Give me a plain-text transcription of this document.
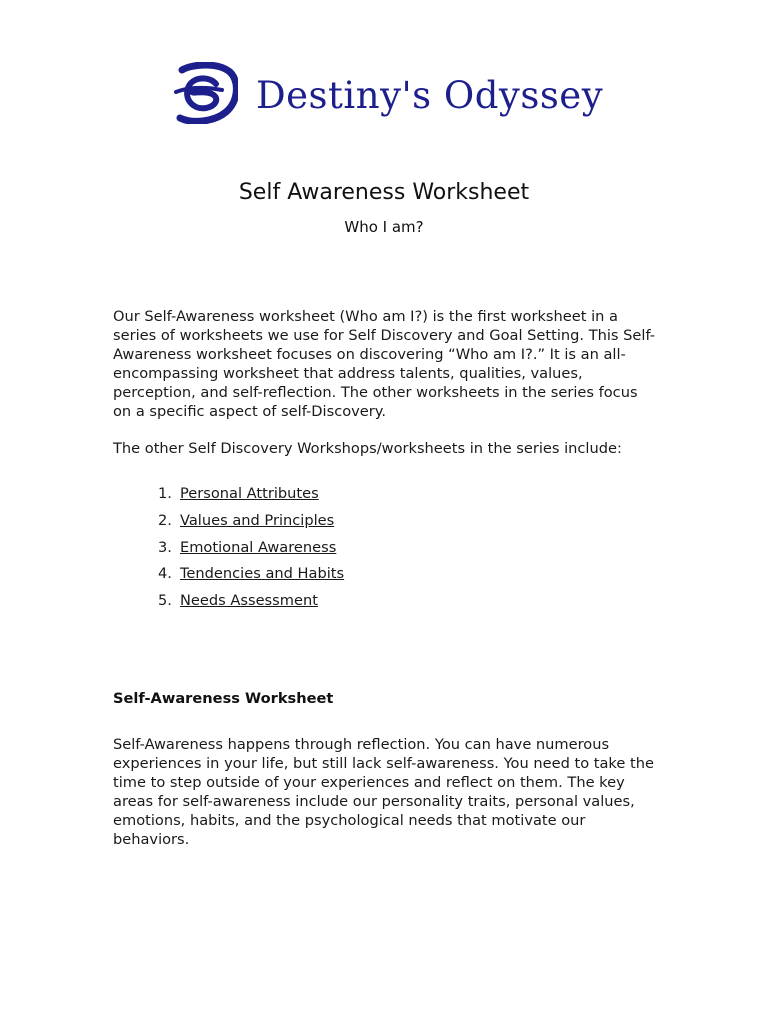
Destiny's Odyssey
Self Awareness Worksheet
Who I am?
Our Self-Awareness worksheet (Who am I?) is the first worksheet in a series of worksheets we use for Self Discovery and Goal Setting. This Self-Awareness worksheet focuses on discovering “Who am I?.” It is an all-encompassing worksheet that address talents, qualities, values, perception, and self-reflection. The other worksheets in the series focus on a specific aspect of self-Discovery.
The other Self Discovery Workshops/worksheets in the series include:
1. Personal Attributes
2. Values and Principles
3. Emotional Awareness
4. Tendencies and Habits
5. Needs Assessment
Self-Awareness Worksheet
Self-Awareness happens through reflection. You can have numerous experiences in your life, but still lack self-awareness. You need to take the time to step outside of your experiences and reflect on them. The key areas for self-awareness include our personality traits, personal values, emotions, habits, and the psychological needs that motivate our behaviors.
